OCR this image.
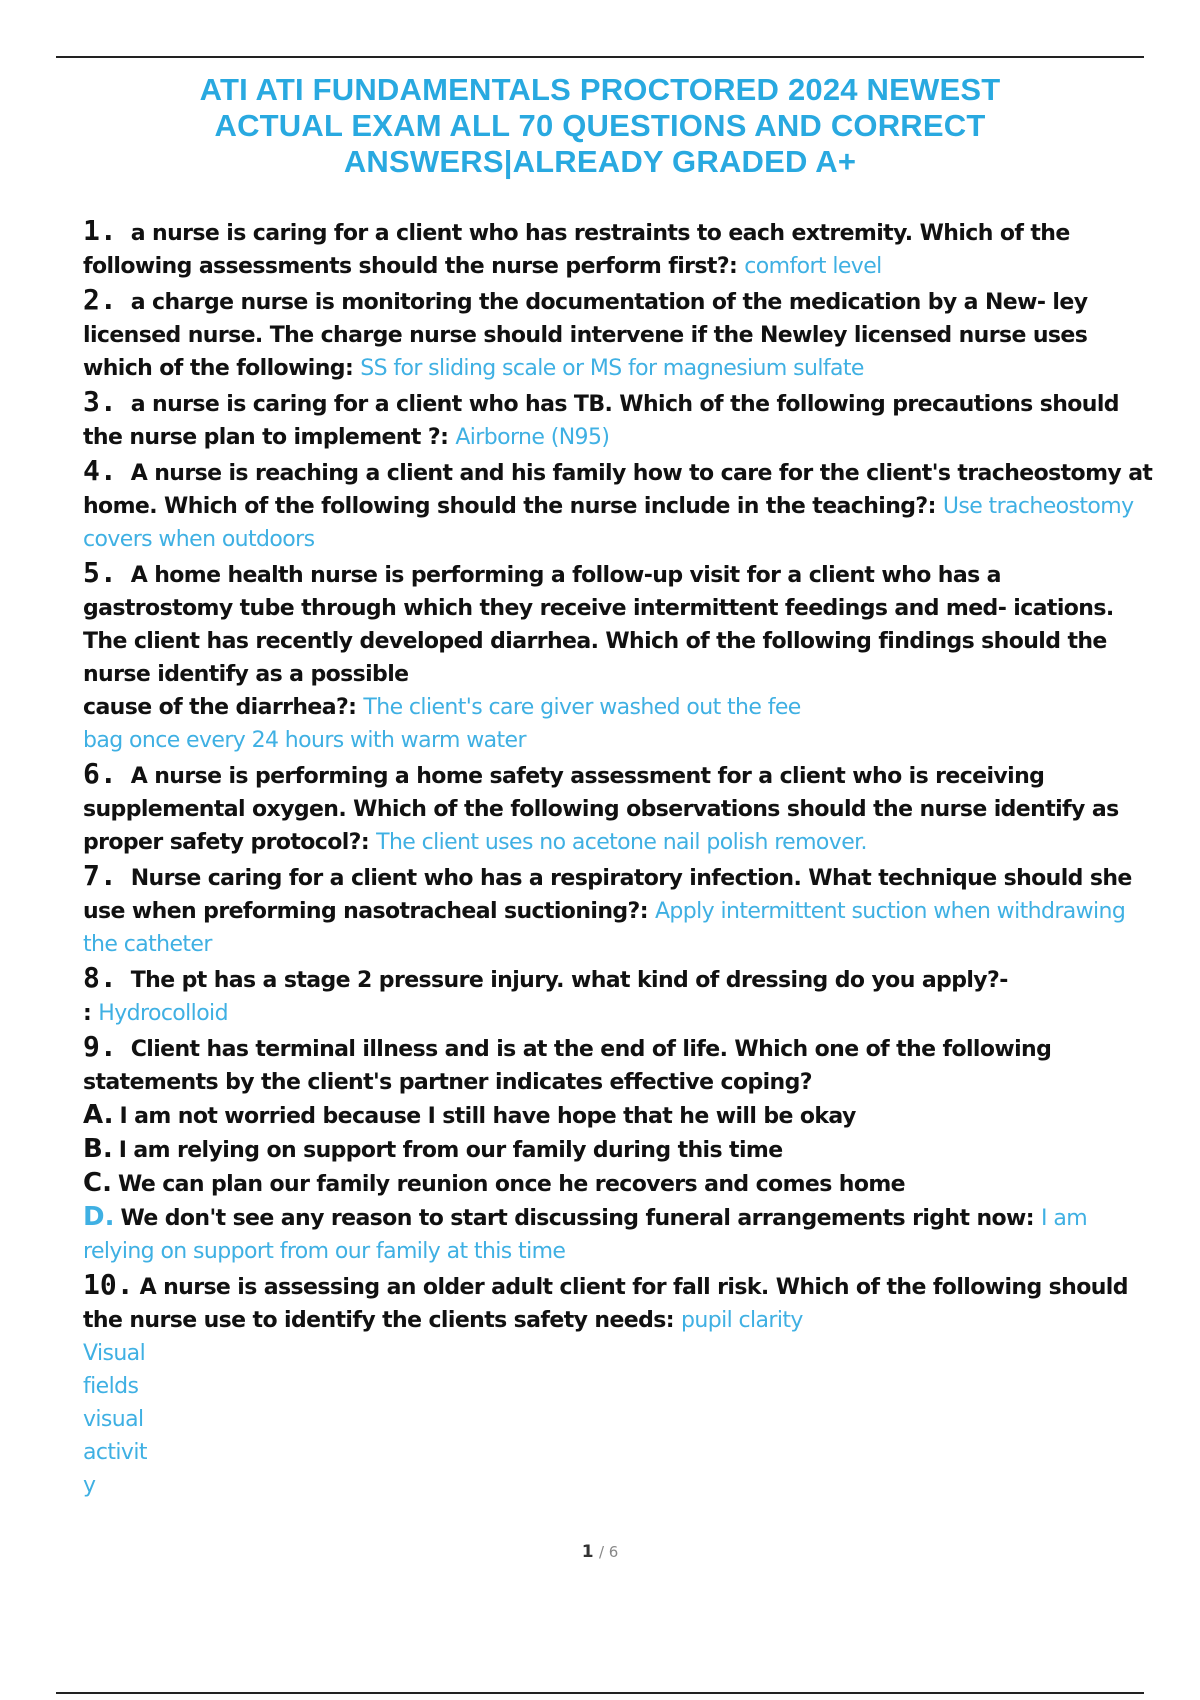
ATI ATI FUNDAMENTALS PROCTORED 2024 NEWEST
ACTUAL EXAM ALL 70 QUESTIONS AND CORRECT
ANSWERS|ALREADY GRADED A+

1. a nurse is caring for a client who has restraints to each extremity. Which of the following assessments should the nurse perform first?: comfort level

2. a charge nurse is monitoring the documentation of the medication by a New- ley licensed nurse. The charge nurse should intervene if the Newley licensed nurse uses which of the following: SS for sliding scale or MS for magnesium sulfate

3. a nurse is caring for a client who has TB. Which of the following precautions should the nurse plan to implement ?: Airborne (N95)

4. A nurse is reaching a client and his family how to care for the client's tracheostomy at home. Which of the following should the nurse include in the teaching?: Use tracheostomy covers when outdoors

5. A home health nurse is performing a follow-up visit for a client who has a gastrostomy tube through which they receive intermittent feedings and med- ications. The client has recently developed diarrhea. Which of the following findings should the nurse identify as a possible
cause of the diarrhea?: The client's care giver washed out the fee
bag once every 24 hours with warm water

6. A nurse is performing a home safety assessment for a client who is receiving supplemental oxygen. Which of the following observations should the nurse identify as proper safety protocol?: The client uses no acetone nail polish remover.

7. Nurse caring for a client who has a respiratory infection. What technique should she use when preforming nasotracheal suctioning?: Apply intermittent suction when withdrawing the catheter

8. The pt has a stage 2 pressure injury. what kind of dressing do you apply?-
: Hydrocolloid

9. Client has terminal illness and is at the end of life. Which one of the following statements by the client's partner indicates effective coping?
A. I am not worried because I still have hope that he will be okay
B. I am relying on support from our family during this time
C. We can plan our family reunion once he recovers and comes home
D. We don't see any reason to start discussing funeral arrangements right now: I am relying on support from our family at this time

10. A nurse is assessing an older adult client for fall risk. Which of the following should the nurse use to identify the clients safety needs: pupil clarity

Visual
fields
visual
activit
y
1 / 6
